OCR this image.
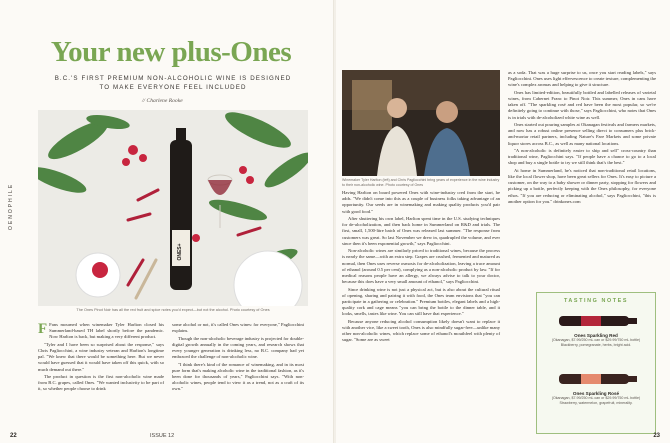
Your new plus-Ones
B.C.'S FIRST PREMIUM NON-ALCOHOLIC WINE IS DESIGNED TO MAKE EVERYONE FEEL INCLUDED
// Charlene Rooke
OENOPHILE
ONES+
The Ones Pinot Noir has all the red fruit and spice notes you'd expect—but not the alcohol. Photo courtesy of Ones

F Fans mourned when winemaker Tyler Harlton closed his Summerland-based TH label shortly before the pandemic. Now Harlton is back, but making a very different product.

"Tyler and I have been so surprised about the response," says Chris Pagliocchini, a wine industry veteran and Harlton's longtime pal. "We knew that there would be something here. But we never would have guessed that it would have taken off this quick, with so much demand out there."

The product in question is the first non-alcoholic wine made from B.C. grapes, called Ones. "We wanted inclusivity to be part of it, so whether people choose to drink

some alcohol or not, it's called Ones wines: for everyone," Pagliocchini explains.

Though the non-alcoholic beverage industry is projected for double-digital growth annually in the coming years, and research shows that every younger generation is drinking less, no B.C. company had yet embraced the challenge of non-alcoholic wine.

"I think there's kind of the romance of winemaking, and in its most pure form that's making alcoholic wine in the traditional fashion, as it's been done for thousands of years," Pagliocchini says. "With non-alcoholic wines, people tend to view it as a trend, not as a craft of its own."

22	ISSUE 12
Winemaker Tyler Harlton (left) and Chris Pagliocchini bring years of experience in the wine industry to their non-alcoholic wine. Photo courtesy of Ones

Having Harlton on board powered Ones with wine-industry cred from the start, he adds. "We didn't come into this as a couple of business folks taking advantage of an opportunity. Our seeds are in winemaking and making quality products you'd pair with good food."

After shuttering his own label, Harlton spent time in the U.S. studying techniques for de-alcoholization, and then back home in Summerland on R&D and trials. The first, small, 1,500-litre batch of Ones was released last summer. "The response from customers was great. So last November we drew in, quadrupled the volume, and ever since then it's been exponential growth," says Pagliocchini.

Non-alcoholic wines are similarly priced to traditional wines, because the process is nearly the same—with an extra step. Grapes are crushed, fermented and matured as normal, then Ones uses reverse osmosis for de-alcoholization, leaving a trace amount of ethanol (around 0.5 per cent), complying as a non-alcoholic product by law. "If for medical reasons people have an allergy, we always advise to talk to your doctor, because this does have a very small amount of ethanol," says Pagliocchini.

Since drinking wine is not just a physical act, but is also about the cultural ritual of opening, sharing and pairing it with food, the Ones team envisions that "you can participate in a gathering or celebration." Premium bottles, elegant labels and a high-quality cork and cage means "you can bring the bottle to the dinner table, and it looks, smells, tastes like wine. You can still have that experience."

Because anyone reducing alcohol consumption likely doesn't want to replace it with another vice, like a sweet tooth, Ones is also mindfully sugar-free—unlike many other non-alcoholic wines, which replace some of ethanol's mouthfeel with plenty of sugar. "Some are as sweet

as a soda. That was a huge surprise to us, once you start reading labels," says Pagliocchini. Ones uses light effervescence to create texture, complementing the wine's complex aromas and helping to give it structure.

Ones has limited-edition, beautifully bottled and labelled releases of varietal wines, from Cabernet Franc to Pinot Noir. This summer, Ones in cans have taken off. "The sparkling rosé and red have been the most popular, so we're definitely going to continue with those," says Pagliocchini, who notes that Ones is in trials with de-alcoholized white wine as well.

Ones started out pouring samples at Okanagan festivals and farmers markets, and now has a robust online presence selling direct to consumers plus brick-and-mortar retail partners, including Nature's Fare Markets and some private liquor stores across B.C., as well as many national locations.

"A non-alcoholic is definitely easier to ship and sell" cross-country than traditional wine, Pagliocchini says. "If people have a chance to go to a local shop and buy a single bottle to try we still think that's the best."

At home in Summerland, he's noticed that non-traditional retail locations, like the local flower shop, have been great sellers for Ones. It's easy to picture a customer, on the way to a baby shower or dinner party, stopping for flowers and picking up a bottle, perfectly keeping with the Ones philosophy, for everyone ethos. "If you are reducing or eliminating alcohol," says Pagliocchini, "this is another option for you." drinkones.com

TASTING NOTES
Ones Sparkling Red
(Okanagan, $7.99/250 mL can or $29.99/750 mL bottle) Blackberry, pomegranate, herbs, bright acid.
Ones Sparkling Rosé
(Okanagan, $7.99/250 mL can or $29.99/750 mL bottle) Strawberry, watermelon, grapefruit, minerality.
23
